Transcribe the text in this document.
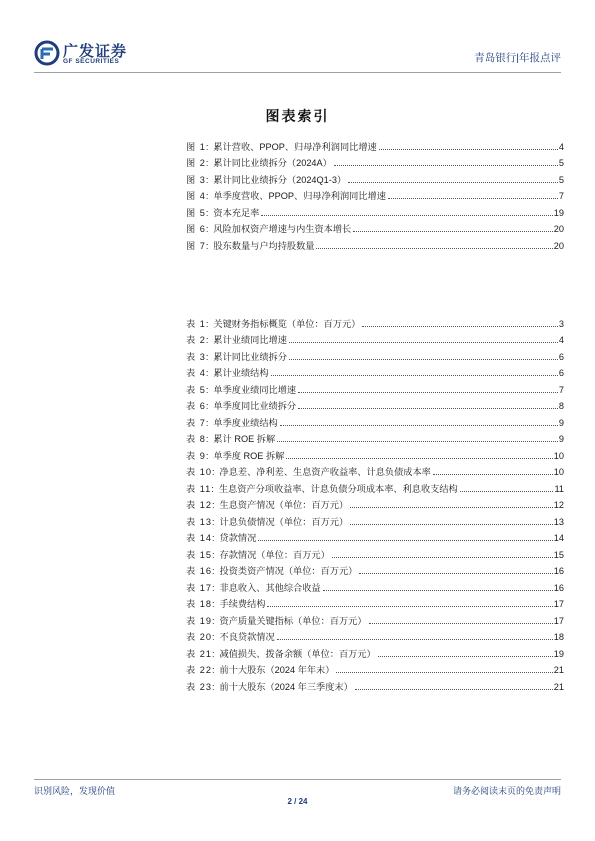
广发证券
GF SECURITIES	青岛银行|年报点评
图表索引
图 1: 累计营收、PPOP、归母净利润同比增速	4
图 2: 累计同比业绩拆分（2024A）	5
图 3: 累计同比业绩拆分（2024Q1-3）	5
图 4: 单季度营收、PPOP、归母净利润同比增速	7
图 5: 资本充足率	19
图 6: 风险加权资产增速与内生资本增长	20
图 7: 股东数量与户均持股数量	20
表 1: 关键财务指标概览（单位：百万元）	3
表 2: 累计业绩同比增速	4
表 3: 累计同比业绩拆分	6
表 4: 累计业绩结构	6
表 5: 单季度业绩同比增速	7
表 6: 单季度同比业绩拆分	8
表 7: 单季度业绩结构	9
表 8: 累计 ROE 拆解	9
表 9: 单季度 ROE 拆解	10
表 10: 净息差、净利差、生息资产收益率、计息负债成本率	10
表 11: 生息资产分项收益率、计息负债分项成本率、利息收支结构	11
表 12: 生息资产情况（单位：百万元）	12
表 13: 计息负债情况（单位：百万元）	13
表 14: 贷款情况	14
表 15: 存款情况（单位：百万元）	15
表 16: 投资类资产情况（单位：百万元）	16
表 17: 非息收入、其他综合收益	16
表 18: 手续费结构	17
表 19: 资产质量关键指标（单位：百万元）	17
表 20: 不良贷款情况	18
表 21: 减值损失、拨备余额（单位：百万元）	19
表 22: 前十大股东（2024 年年末）	21
表 23: 前十大股东（2024 年三季度末）	21
识别风险，发现价值	请务必阅读末页的免责声明
2 / 24
